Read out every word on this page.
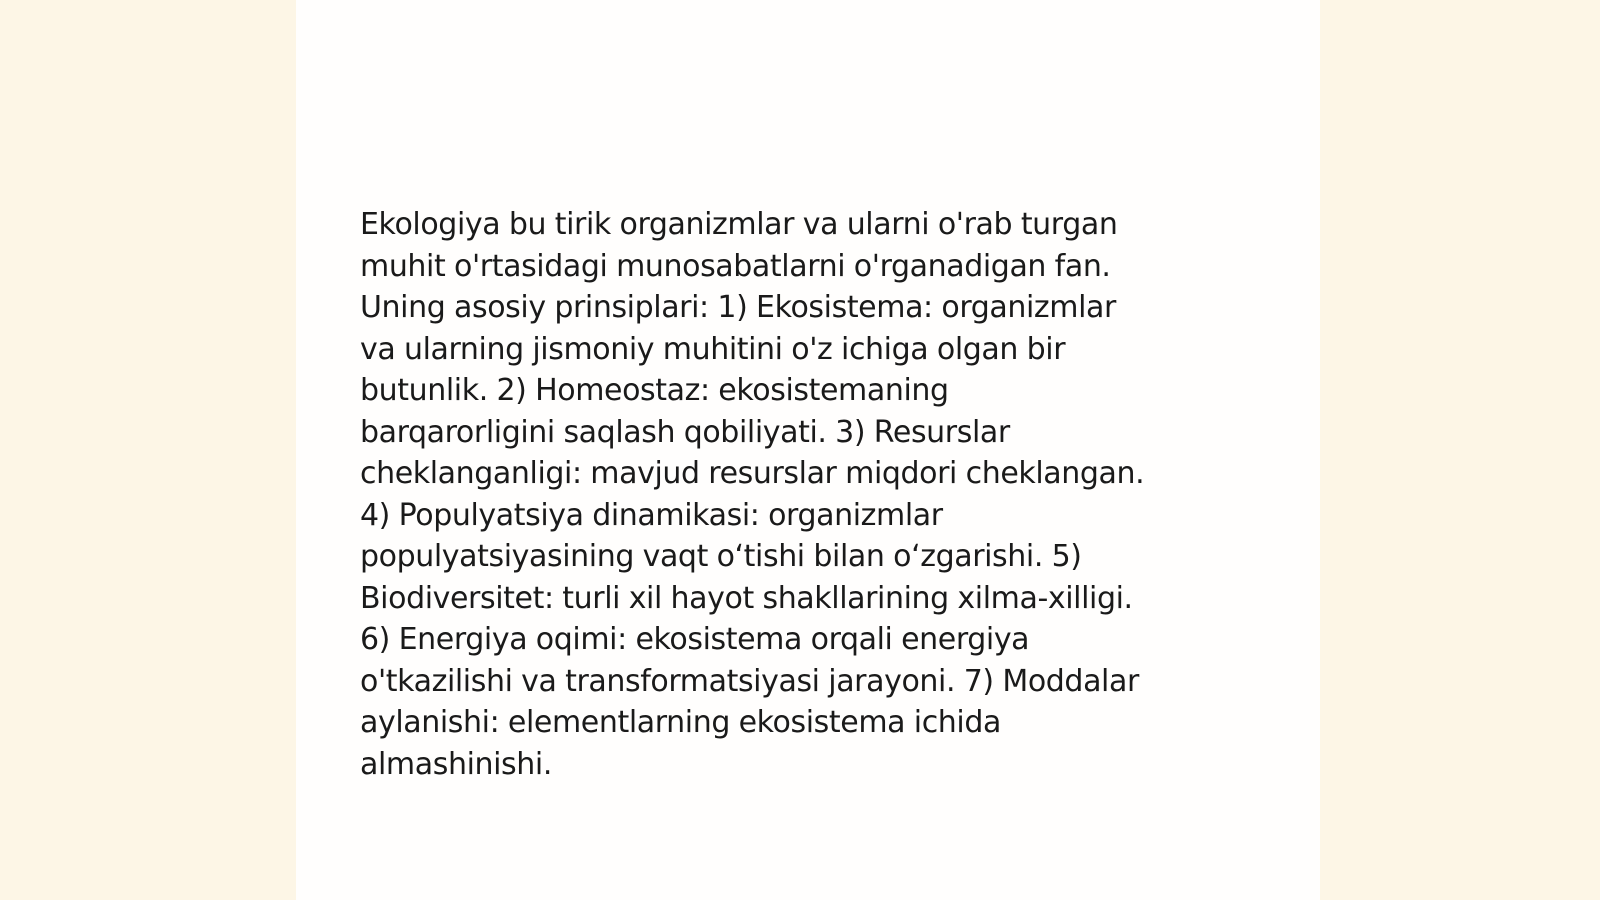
Ekologiya bu tirik organizmlar va ularni o'rab turgan
muhit o'rtasidagi munosabatlarni o'rganadigan fan.
Uning asosiy prinsiplari: 1) Ekosistema: organizmlar
va ularning jismoniy muhitini o'z ichiga olgan bir
butunlik. 2) Homeostaz: ekosistemaning
barqarorligini saqlash qobiliyati. 3) Resurslar
cheklanganligi: mavjud resurslar miqdori cheklangan.
4) Populyatsiya dinamikasi: organizmlar
populyatsiyasining vaqt o‘tishi bilan o‘zgarishi. 5)
Biodiversitet: turli xil hayot shakllarining xilma-xilligi.
6) Energiya oqimi: ekosistema orqali energiya
o'tkazilishi va transformatsiyasi jarayoni. 7) Moddalar
aylanishi: elementlarning ekosistema ichida
almashinishi.
